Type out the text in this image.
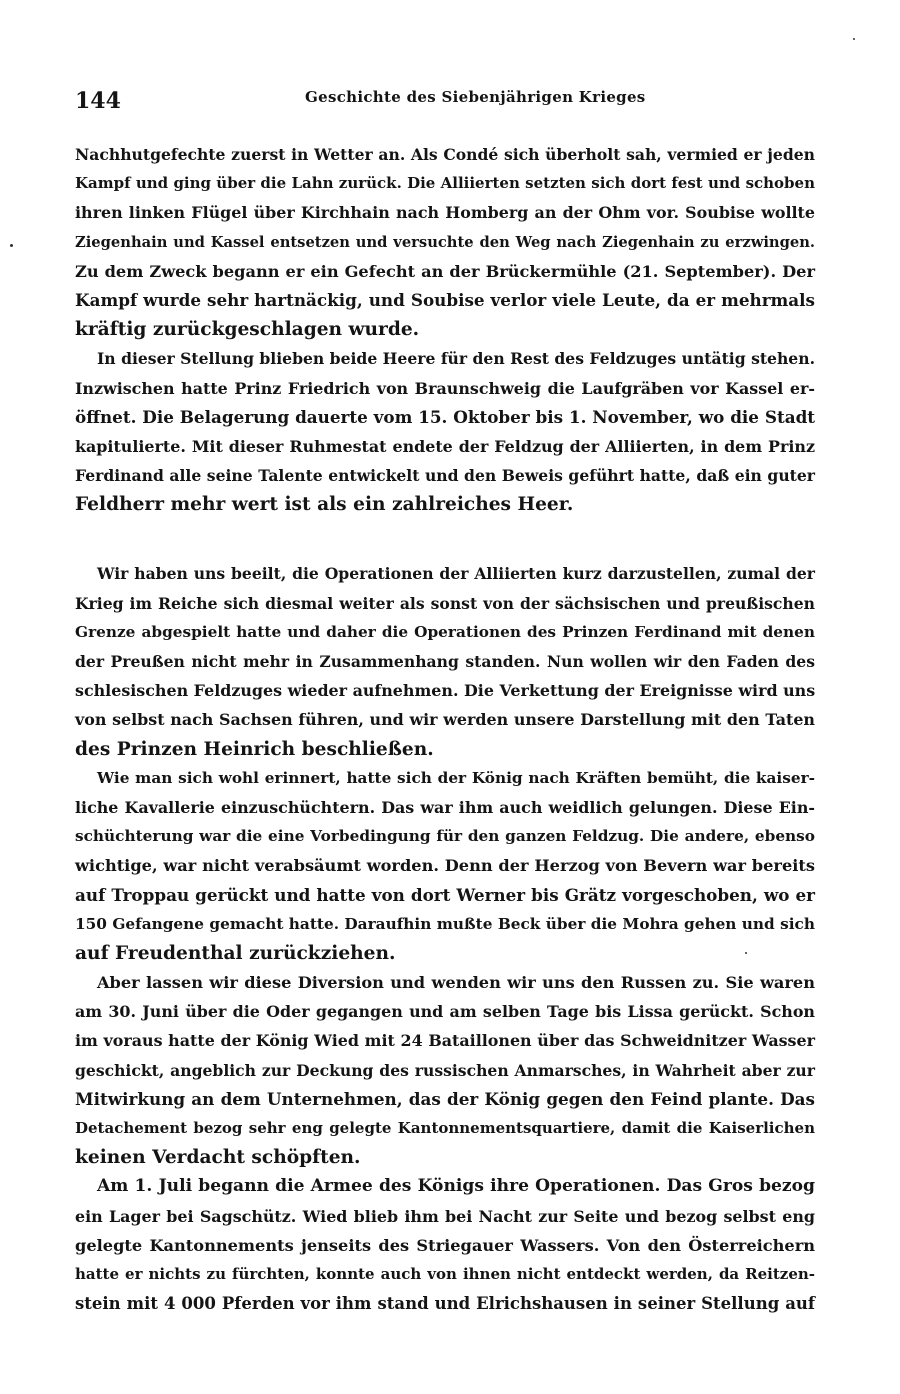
144	Geschichte des Siebenjährigen Krieges
Nachhutgefechte zuerst in Wetter an. Als Condé sich überholt sah, vermied er jeden
Kampf und ging über die Lahn zurück. Die Alliierten setzten sich dort fest und schoben
ihren linken Flügel über Kirchhain nach Homberg an der Ohm vor. Soubise wollte
Ziegenhain und Kassel entsetzen und versuchte den Weg nach Ziegenhain zu erzwingen.
Zu dem Zweck begann er ein Gefecht an der Brückermühle (21. September). Der
Kampf wurde sehr hartnäckig, und Soubise verlor viele Leute, da er mehrmals
kräftig zurückgeschlagen wurde.
In dieser Stellung blieben beide Heere für den Rest des Feldzuges untätig stehen.
Inzwischen hatte Prinz Friedrich von Braunschweig die Laufgräben vor Kassel er-
öffnet. Die Belagerung dauerte vom 15. Oktober bis 1. November, wo die Stadt
kapitulierte. Mit dieser Ruhmestat endete der Feldzug der Alliierten, in dem Prinz
Ferdinand alle seine Talente entwickelt und den Beweis geführt hatte, daß ein guter
Feldherr mehr wert ist als ein zahlreiches Heer.
Wir haben uns beeilt, die Operationen der Alliierten kurz darzustellen, zumal der
Krieg im Reiche sich diesmal weiter als sonst von der sächsischen und preußischen
Grenze abgespielt hatte und daher die Operationen des Prinzen Ferdinand mit denen
der Preußen nicht mehr in Zusammenhang standen. Nun wollen wir den Faden des
schlesischen Feldzuges wieder aufnehmen. Die Verkettung der Ereignisse wird uns
von selbst nach Sachsen führen, und wir werden unsere Darstellung mit den Taten
des Prinzen Heinrich beschließen.
Wie man sich wohl erinnert, hatte sich der König nach Kräften bemüht, die kaiser-
liche Kavallerie einzuschüchtern. Das war ihm auch weidlich gelungen. Diese Ein-
schüchterung war die eine Vorbedingung für den ganzen Feldzug. Die andere, ebenso
wichtige, war nicht verabsäumt worden. Denn der Herzog von Bevern war bereits
auf Troppau gerückt und hatte von dort Werner bis Grätz vorgeschoben, wo er
150 Gefangene gemacht hatte. Daraufhin mußte Beck über die Mohra gehen und sich
auf Freudenthal zurückziehen.
Aber lassen wir diese Diversion und wenden wir uns den Russen zu. Sie waren
am 30. Juni über die Oder gegangen und am selben Tage bis Lissa gerückt. Schon
im voraus hatte der König Wied mit 24 Bataillonen über das Schweidnitzer Wasser
geschickt, angeblich zur Deckung des russischen Anmarsches, in Wahrheit aber zur
Mitwirkung an dem Unternehmen, das der König gegen den Feind plante. Das
Detachement bezog sehr eng gelegte Kantonnementsquartiere, damit die Kaiserlichen
keinen Verdacht schöpften.
Am 1. Juli begann die Armee des Königs ihre Operationen. Das Gros bezog
ein Lager bei Sagschütz. Wied blieb ihm bei Nacht zur Seite und bezog selbst eng
gelegte Kantonnements jenseits des Striegauer Wassers. Von den Österreichern
hatte er nichts zu fürchten, konnte auch von ihnen nicht entdeckt werden, da Reitzen-
stein mit 4 000 Pferden vor ihm stand und Elrichshausen in seiner Stellung auf
